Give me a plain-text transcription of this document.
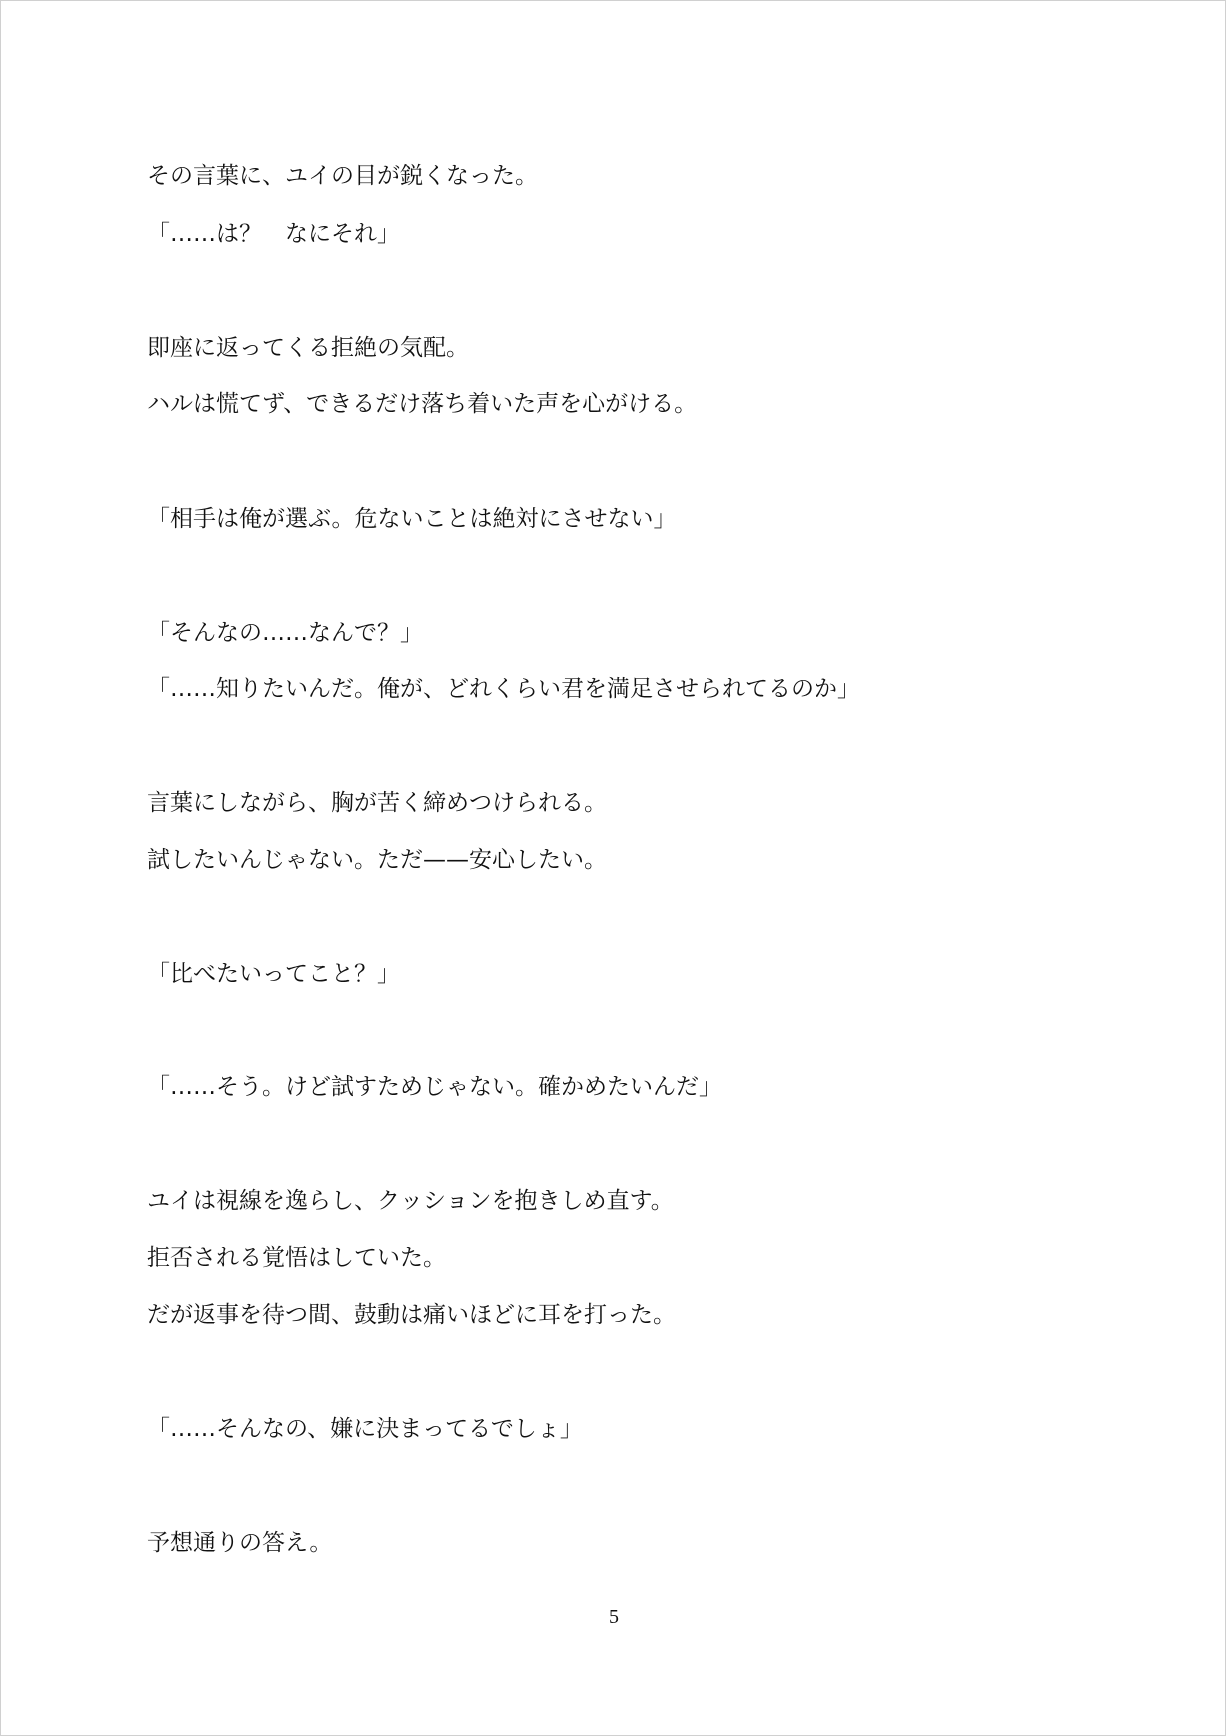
その言葉に、ユイの目が鋭くなった。
「……は？　なにそれ」
即座に返ってくる拒絶の気配。
ハルは慌てず、できるだけ落ち着いた声を心がける。
「相手は俺が選ぶ。危ないことは絶対にさせない」
「そんなの……なんで？」
「……知りたいんだ。俺が、どれくらい君を満足させられてるのか」
言葉にしながら、胸が苦く締めつけられる。
試したいんじゃない。ただ——安心したい。
「比べたいってこと？」
「……そう。けど試すためじゃない。確かめたいんだ」
ユイは視線を逸らし、クッションを抱きしめ直す。
拒否される覚悟はしていた。
だが返事を待つ間、鼓動は痛いほどに耳を打った。
「……そんなの、嫌に決まってるでしょ」
予想通りの答え。
5
